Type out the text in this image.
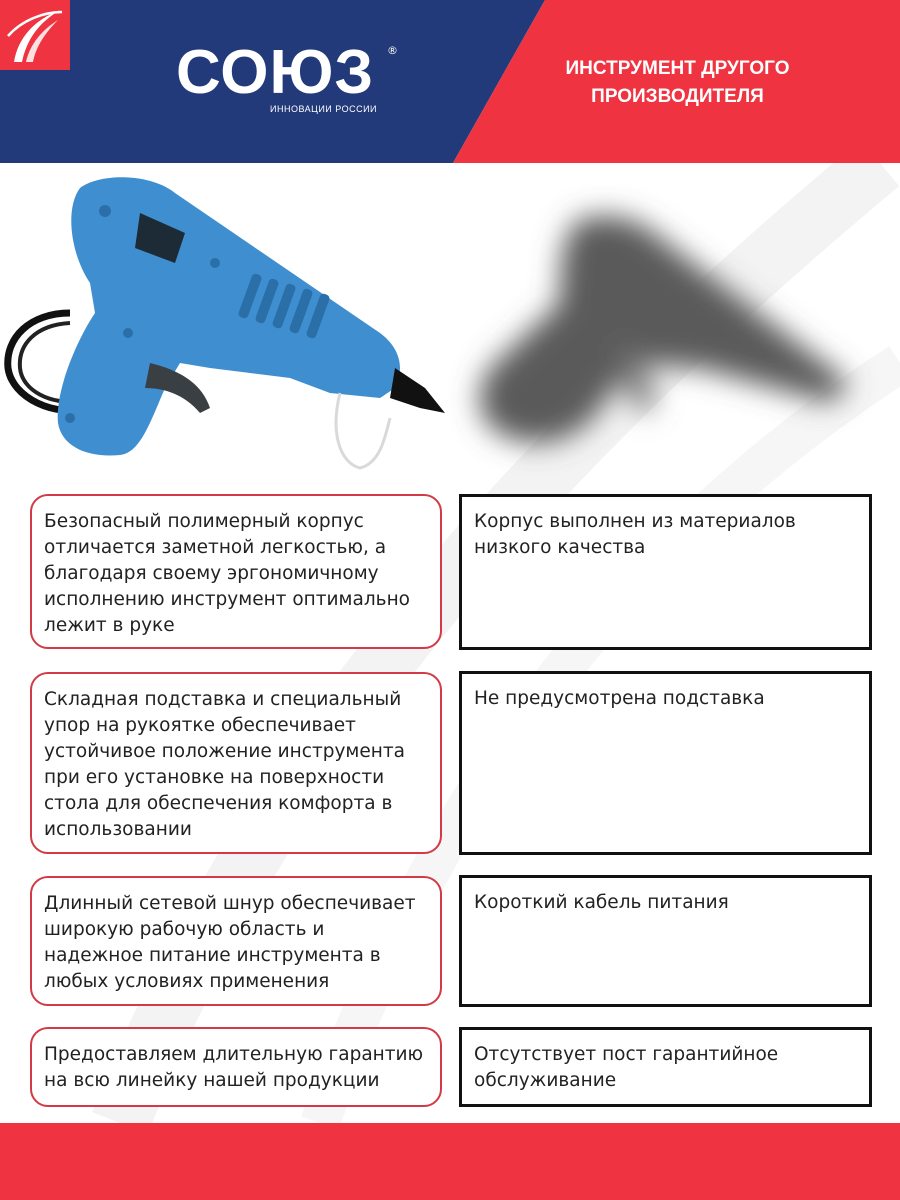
СОЮЗ ®
ИННОВАЦИИ РОССИИ
ИНСТРУМЕНТ ДРУГОГО ПРОИЗВОДИТЕЛЯ
Безопасный полимерный корпус отличается заметной легкостью, а благодаря своему эргономичному исполнению инструмент оптимально лежит в руке
Корпус выполнен из материалов низкого качества
Складная подставка и специальный упор на рукоятке обеспечивает устойчивое положение инструмента при его установке на поверхности стола для обеспечения комфорта в использовании
Не предусмотрена подставка
Длинный сетевой шнур обеспечивает широкую рабочую область и надежное питание инструмента в любых условиях применения
Короткий кабель питания
Предоставляем длительную гарантию на всю линейку нашей продукции
Отсутствует пост гарантийное обслуживание
